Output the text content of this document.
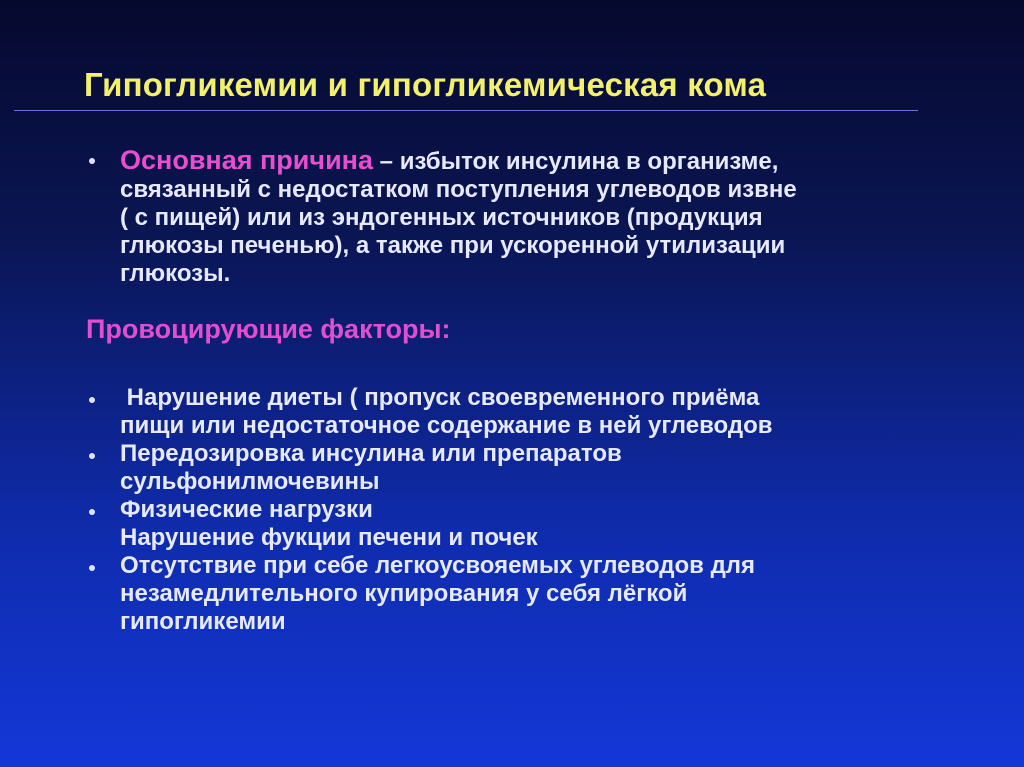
Гипогликемии и гипогликемическая кома

Основная причина – избыток инсулина в организме,
связанный с недостатком поступления углеводов извне
( с пищей) или из эндогенных источников (продукция
глюкозы печенью), а также при ускоренной утилизации
глюкозы.

Провоцирующие факторы:

Нарушение диеты ( пропуск своевременного приёма
пищи или недостаточное содержание в ней углеводов

Передозировка инсулина или препаратов
сульфонилмочевины

Физические нагрузки
Нарушение фукции печени и почек

Отсутствие при себе легкоусвояемых углеводов для
незамедлительного купирования у себя лёгкой
гипогликемии
